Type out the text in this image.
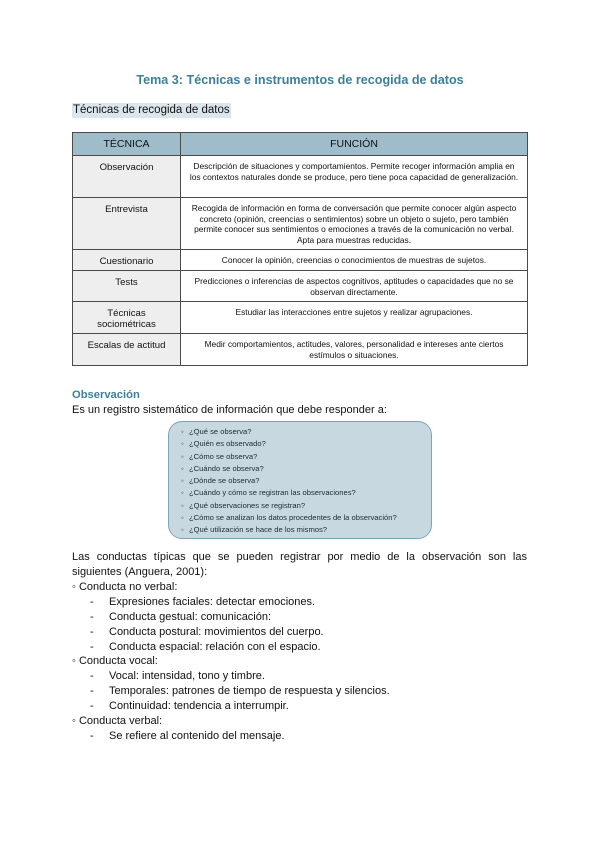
Tema 3: Técnicas e instrumentos de recogida de datos
Técnicas de recogida de datos
TÉCNICA	FUNCIÓN
Observación	Descripción de situaciones y comportamientos. Permite recoger información amplia en los contextos naturales donde se produce, pero tiene poca capacidad de generalización.
Entrevista	Recogida de información en forma de conversación que permite conocer algún aspecto concreto (opinión, creencias o sentimientos) sobre un objeto o sujeto, pero también permite conocer sus sentimientos o emociones a través de la comunicación no verbal. Apta para muestras reducidas.
Cuestionario	Conocer la opinión, creencias o conocimientos de muestras de sujetos.
Tests	Predicciones o inferencias de aspectos cognitivos, aptitudes o capacidades que no se observan directamente.
Técnicas sociométricas	Estudiar las interacciones entre sujetos y realizar agrupaciones.
Escalas de actitud	Medir comportamientos, actitudes, valores, personalidad e intereses ante ciertos estímulos o situaciones.
Observación
Es un registro sistemático de información que debe responder a:
◦ ¿Qué se observa?
◦ ¿Quién es observado?
◦ ¿Cómo se observa?
◦ ¿Cuándo se observa?
◦ ¿Dónde se observa?
◦ ¿Cuándo y cómo se registran las observaciones?
◦ ¿Qué observaciones se registran?
◦ ¿Cómo se analizan los datos procedentes de la observación?
◦ ¿Qué utilización se hace de los mismos?
Las conductas típicas que se pueden registrar por medio de la observación son las siguientes (Anguera, 2001):
◦ Conducta no verbal:
- Expresiones faciales: detectar emociones.
- Conducta gestual: comunicación:
- Conducta postural: movimientos del cuerpo.
- Conducta espacial: relación con el espacio.
◦ Conducta vocal:
- Vocal: intensidad, tono y timbre.
- Temporales: patrones de tiempo de respuesta y silencios.
- Continuidad: tendencia a interrumpir.
◦ Conducta verbal:
- Se refiere al contenido del mensaje.
